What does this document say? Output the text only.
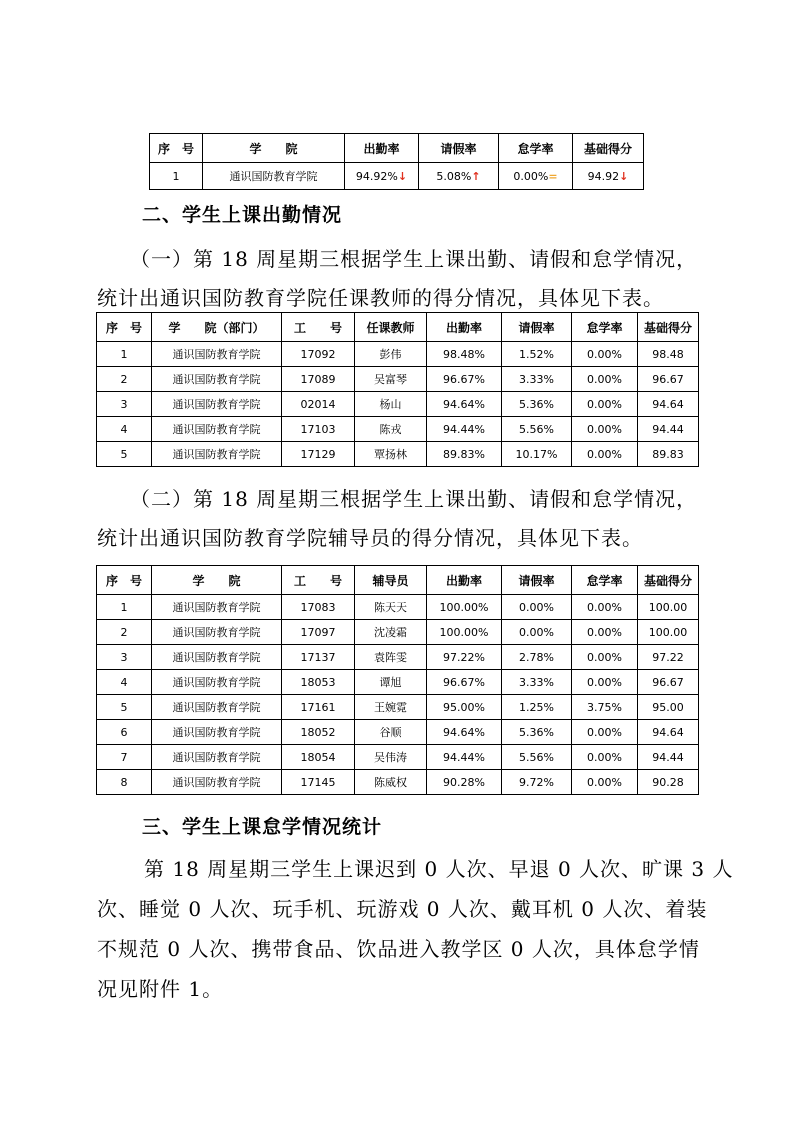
序　号	学　　院	出勤率	请假率	怠学率	基础得分
1	通识国防教育学院	94.92%↓	5.08%↑	0.00%=	94.92↓
二、学生上课出勤情况
（一）第 18 周星期三根据学生上课出勤、请假和怠学情况，
统计出通识国防教育学院任课教师的得分情况，具体见下表。
序　号	学　　院（部门）	工　　号	任课教师	出勤率	请假率	怠学率	基础得分
1	通识国防教育学院	17092	彭伟	98.48%	1.52%	0.00%	98.48
2	通识国防教育学院	17089	吴富琴	96.67%	3.33%	0.00%	96.67
3	通识国防教育学院	02014	杨山	94.64%	5.36%	0.00%	94.64
4	通识国防教育学院	17103	陈戎	94.44%	5.56%	0.00%	94.44
5	通识国防教育学院	17129	覃扬林	89.83%	10.17%	0.00%	89.83
（二）第 18 周星期三根据学生上课出勤、请假和怠学情况，
统计出通识国防教育学院辅导员的得分情况，具体见下表。
序　号	学　　院	工　　号	辅导员	出勤率	请假率	怠学率	基础得分
1	通识国防教育学院	17083	陈天天	100.00%	0.00%	0.00%	100.00
2	通识国防教育学院	17097	沈凌霜	100.00%	0.00%	0.00%	100.00
3	通识国防教育学院	17137	袁阵雯	97.22%	2.78%	0.00%	97.22
4	通识国防教育学院	18053	谭旭	96.67%	3.33%	0.00%	96.67
5	通识国防教育学院	17161	王婉霓	95.00%	1.25%	3.75%	95.00
6	通识国防教育学院	18052	谷顺	94.64%	5.36%	0.00%	94.64
7	通识国防教育学院	18054	吴伟涛	94.44%	5.56%	0.00%	94.44
8	通识国防教育学院	17145	陈威权	90.28%	9.72%	0.00%	90.28
三、学生上课怠学情况统计
第 18 周星期三学生上课迟到 0 人次、早退 0 人次、旷课 3 人
次、睡觉 0 人次、玩手机、玩游戏 0 人次、戴耳机 0 人次、着装
不规范 0 人次、携带食品、饮品进入教学区 0 人次，具体怠学情
况见附件 1。
